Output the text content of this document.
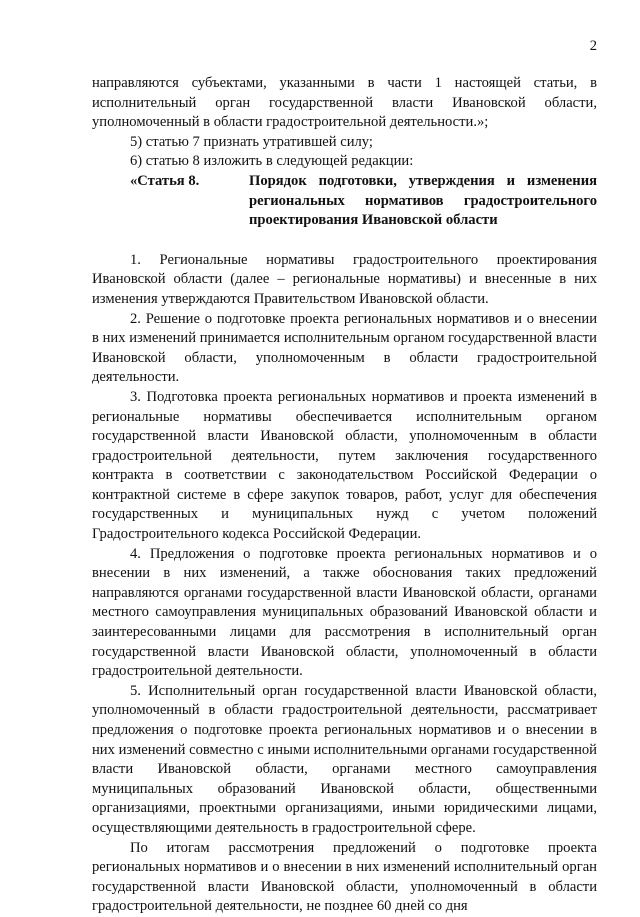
2

направляются субъектами, указанными в части 1 настоящей статьи, в исполнительный орган государственной власти Ивановской области, уполномоченный в области градостроительной деятельности.»;

5) статью 7 признать утратившей силу;

6) статью 8 изложить в следующей редакции:

«Статья 8.	Порядок подготовки, утверждения и изменения региональных нормативов градостроительного проектирования Ивановской области

1. Региональные нормативы градостроительного проектирования Ивановской области (далее – региональные нормативы) и внесенные в них изменения утверждаются Правительством Ивановской области.

2. Решение о подготовке проекта региональных нормативов и о внесении в них изменений принимается исполнительным органом государственной власти Ивановской области, уполномоченным в области градостроительной деятельности.

3. Подготовка проекта региональных нормативов и проекта изменений в региональные нормативы обеспечивается исполнительным органом государственной власти Ивановской области, уполномоченным в области градостроительной деятельности, путем заключения государственного контракта в соответствии с законодательством Российской Федерации о контрактной системе в сфере закупок товаров, работ, услуг для обеспечения государственных и муниципальных нужд с учетом положений Градостроительного кодекса Российской Федерации.

4. Предложения о подготовке проекта региональных нормативов и о внесении в них изменений, а также обоснования таких предложений направляются органами государственной власти Ивановской области, органами местного самоуправления муниципальных образований Ивановской области и заинтересованными лицами для рассмотрения в исполнительный орган государственной власти Ивановской области, уполномоченный в области градостроительной деятельности.

5. Исполнительный орган государственной власти Ивановской области, уполномоченный в области градостроительной деятельности, рассматривает предложения о подготовке проекта региональных нормативов и о внесении в них изменений совместно с иными исполнительными органами государственной власти Ивановской области, органами местного самоуправления муниципальных образований Ивановской области, общественными организациями, проектными организациями, иными юридическими лицами, осуществляющими деятельность в градостроительной сфере.

По итогам рассмотрения предложений о подготовке проекта региональных нормативов и о внесении в них изменений исполнительный орган государственной власти Ивановской области, уполномоченный в области градостроительной деятельности, не позднее 60 дней со дня
